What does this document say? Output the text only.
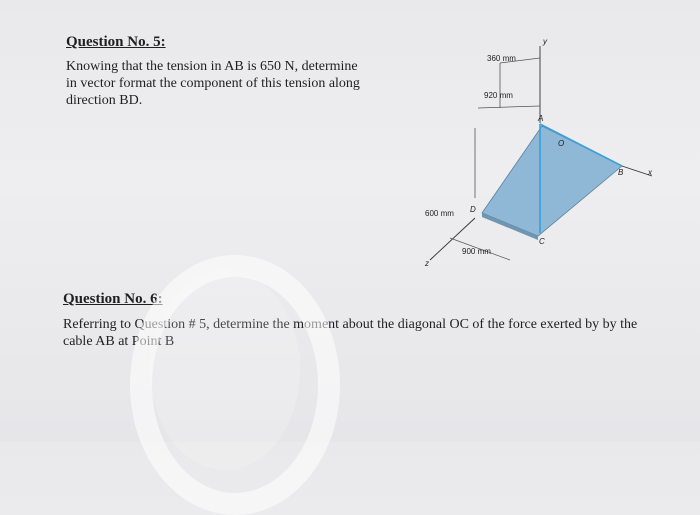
Question No. 5:
Knowing that the tension in AB is 650 N, determine
in vector format the component of this tension along
direction BD.
360 mm
920 mm
600 mm
900 mm
A
B
C
D
O
x
y
z
Question No. 6:
Referring to Question # 5, determine the moment about the diagonal OC of the force exerted by by the
cable AB at Point B
